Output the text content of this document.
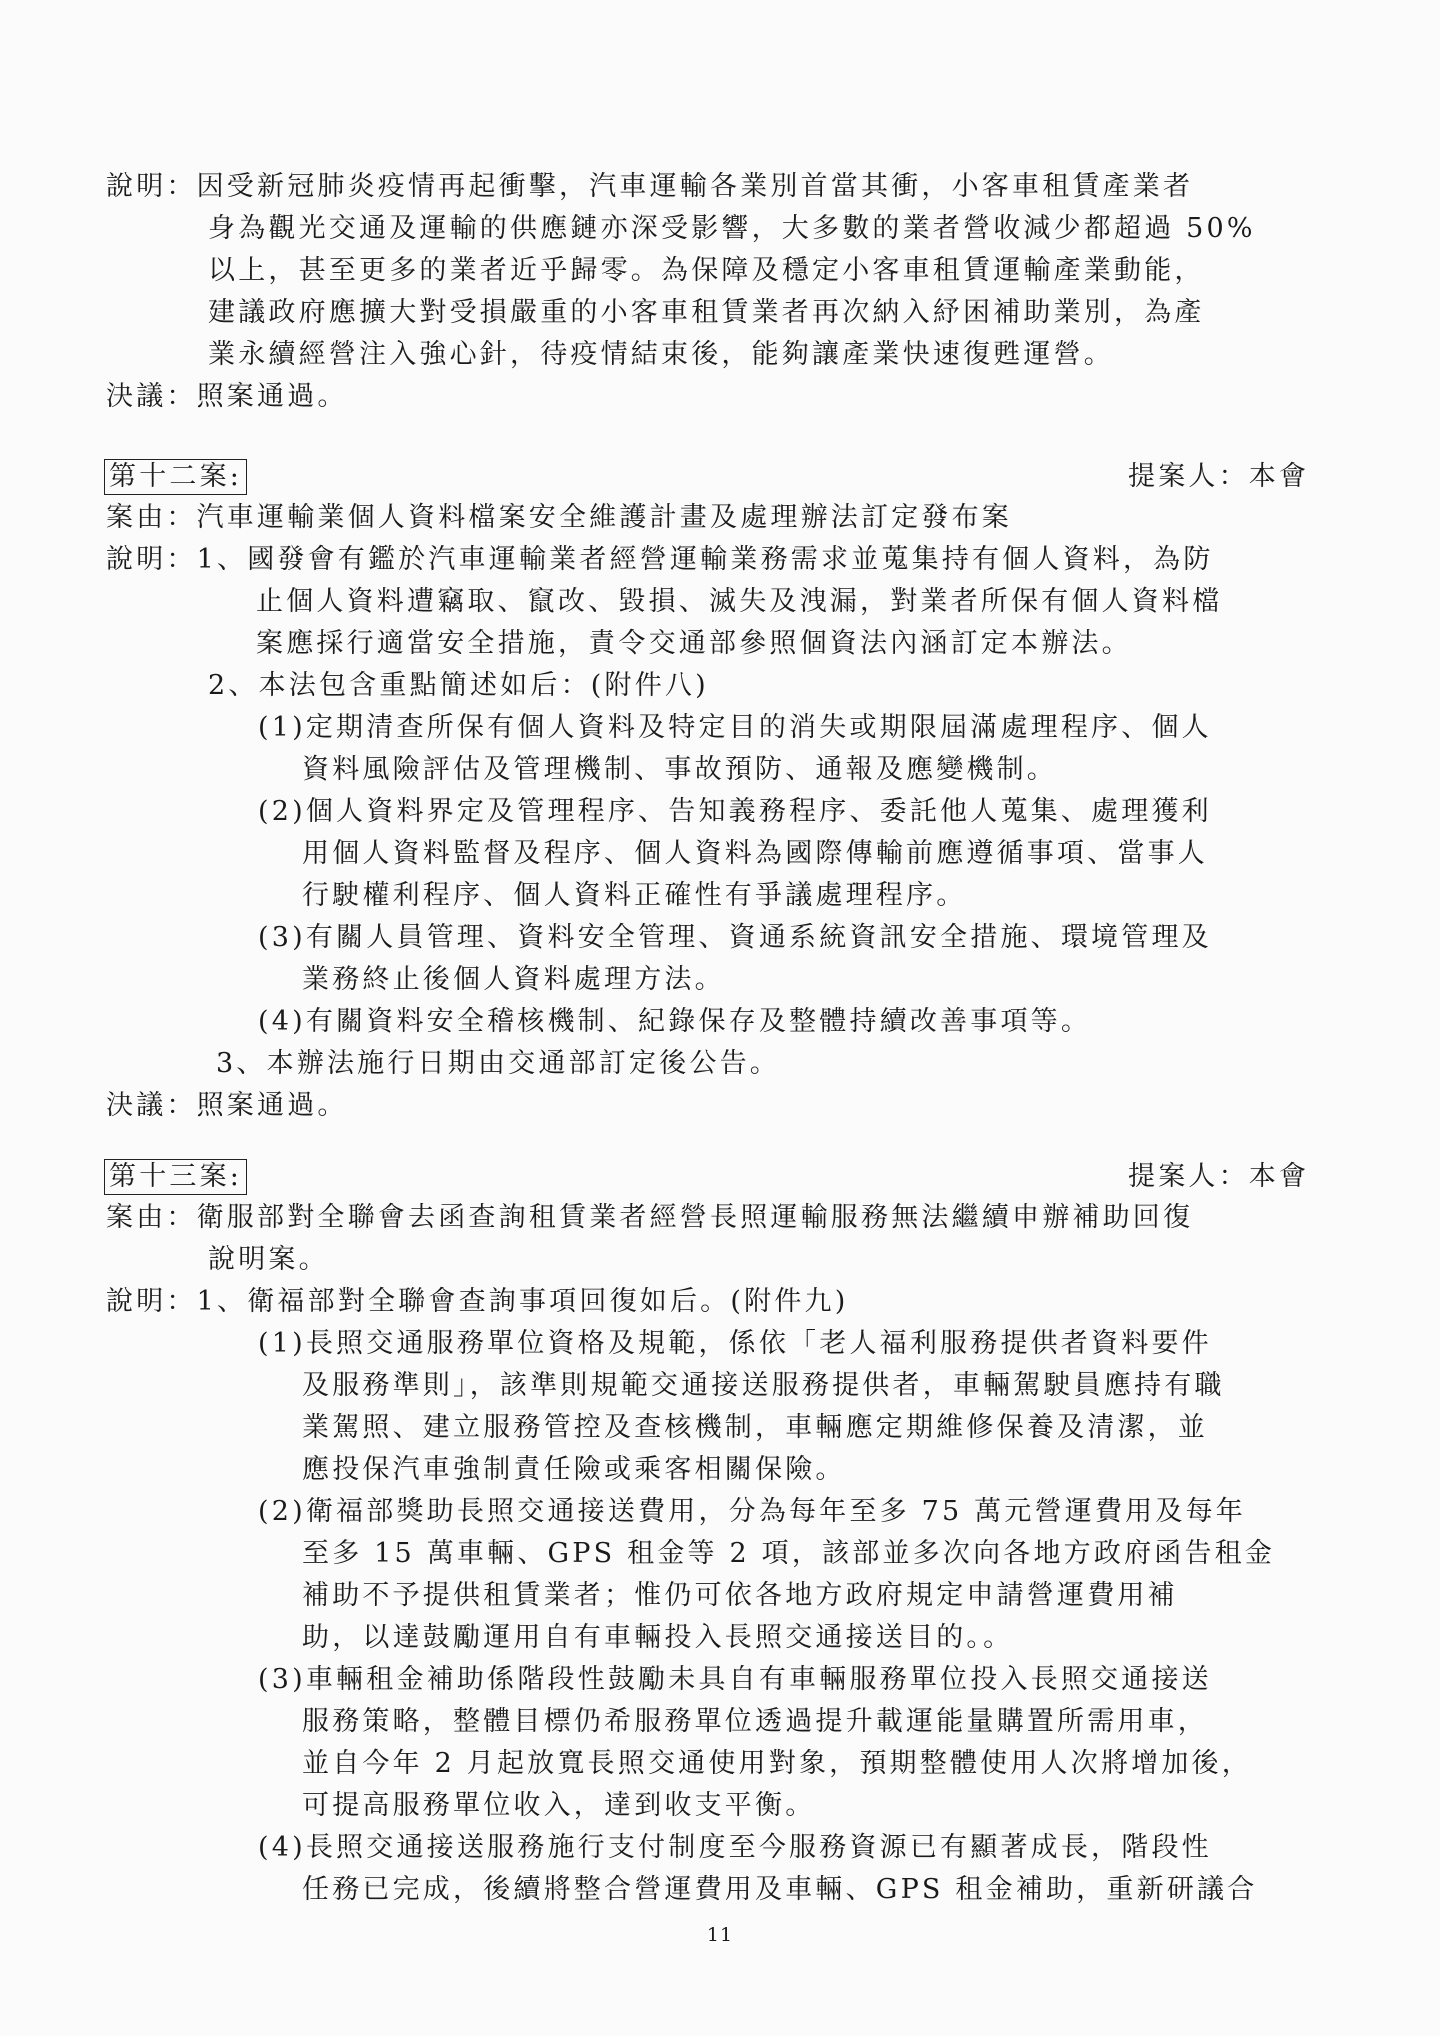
說明：因受新冠肺炎疫情再起衝擊，汽車運輸各業別首當其衝，小客車租賃產業者
身為觀光交通及運輸的供應鏈亦深受影響，大多數的業者營收減少都超過 50%
以上，甚至更多的業者近乎歸零。為保障及穩定小客車租賃運輸產業動能，
建議政府應擴大對受損嚴重的小客車租賃業者再次納入紓困補助業別，為產
業永續經營注入強心針，待疫情結束後，能夠讓產業快速復甦運營。
決議：照案通過。
第十二案:	提案人：本會
案由：汽車運輸業個人資料檔案安全維護計畫及處理辦法訂定發布案
說明：1、國發會有鑑於汽車運輸業者經營運輸業務需求並蒐集持有個人資料，為防
止個人資料遭竊取、竄改、毀損、滅失及洩漏，對業者所保有個人資料檔
案應採行適當安全措施，責令交通部參照個資法內涵訂定本辦法。
2、本法包含重點簡述如后：(附件八)
(1)定期清查所保有個人資料及特定目的消失或期限屆滿處理程序、個人
資料風險評估及管理機制、事故預防、通報及應變機制。
(2)個人資料界定及管理程序、告知義務程序、委託他人蒐集、處理獲利
用個人資料監督及程序、個人資料為國際傳輸前應遵循事項、當事人
行駛權利程序、個人資料正確性有爭議處理程序。
(3)有關人員管理、資料安全管理、資通系統資訊安全措施、環境管理及
業務終止後個人資料處理方法。
(4)有關資料安全稽核機制、紀錄保存及整體持續改善事項等。
3、本辦法施行日期由交通部訂定後公告。
決議：照案通過。
第十三案:	提案人：本會
案由：衛服部對全聯會去函查詢租賃業者經營長照運輸服務無法繼續申辦補助回復
說明案。
說明：1、衛福部對全聯會查詢事項回復如后。(附件九)
(1)長照交通服務單位資格及規範，係依「老人福利服務提供者資料要件
及服務準則」，該準則規範交通接送服務提供者，車輛駕駛員應持有職
業駕照、建立服務管控及查核機制，車輛應定期維修保養及清潔，並
應投保汽車強制責任險或乘客相關保險。
(2)衛福部獎助長照交通接送費用，分為每年至多 75 萬元營運費用及每年
至多 15 萬車輛、GPS 租金等 2 項，該部並多次向各地方政府函告租金
補助不予提供租賃業者；惟仍可依各地方政府規定申請營運費用補
助，以達鼓勵運用自有車輛投入長照交通接送目的。。
(3)車輛租金補助係階段性鼓勵未具自有車輛服務單位投入長照交通接送
服務策略，整體目標仍希服務單位透過提升載運能量購置所需用車，
並自今年 2 月起放寬長照交通使用對象，預期整體使用人次將增加後，
可提高服務單位收入，達到收支平衡。
(4)長照交通接送服務施行支付制度至今服務資源已有顯著成長，階段性
任務已完成，後續將整合營運費用及車輛、GPS 租金補助，重新研議合
11
